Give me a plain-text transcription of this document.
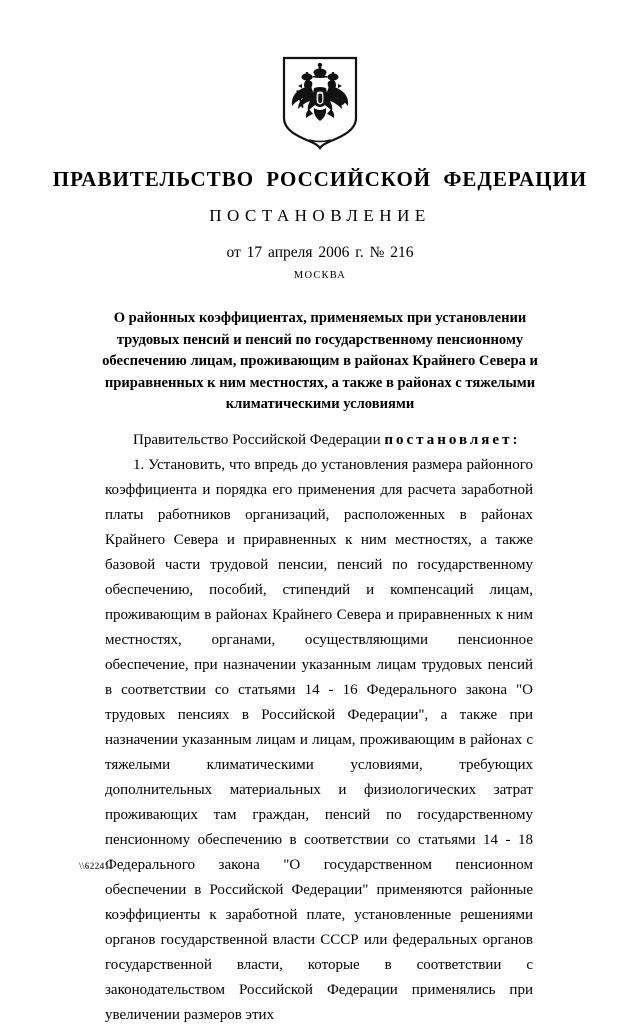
ПРАВИТЕЛЬСТВО РОССИЙСКОЙ ФЕДЕРАЦИИ
ПОСТАНОВЛЕНИЕ
от 17 апреля 2006 г. № 216
МОСКВА
О районных коэффициентах, применяемых при установлении
трудовых пенсий и пенсий по государственному пенсионному
обеспечению лицам, проживающим в районах Крайнего Севера и
приравненных к ним местностях, а также в районах с тяжелыми
климатическими условиями

Правительство Российской Федерации постановляет:

1. Установить, что впредь до установления размера районного коэффициента и порядка его применения для расчета заработной платы работников организаций, расположенных в районах Крайнего Севера и приравненных к ним местностях, а также базовой части трудовой пенсии, пенсий по государственному обеспечению, пособий, стипендий и компенсаций лицам, проживающим в районах Крайнего Севера и приравненных к ним местностях, органами, осуществляющими пенсионное обеспечение, при назначении указанным лицам трудовых пенсий в соответствии со статьями 14 - 16 Федерального закона "О трудовых пенсиях в Российской Федерации", а также при назначении указанным лицам и лицам, проживающим в районах с тяжелыми климатическими условиями, требующих дополнительных материальных и физиологических затрат проживающих там граждан, пенсий по государственному пенсионному обеспечению в соответствии со статьями 14 - 18 Федерального закона "О государственном пенсионном обеспечении в Российской Федерации" применяются районные коэффициенты к заработной плате, установленные решениями органов государственной власти СССР или федеральных органов государственной власти, которые в соответствии с законодательством Российской Федерации применялись при увеличении размеров этих

\\622411
